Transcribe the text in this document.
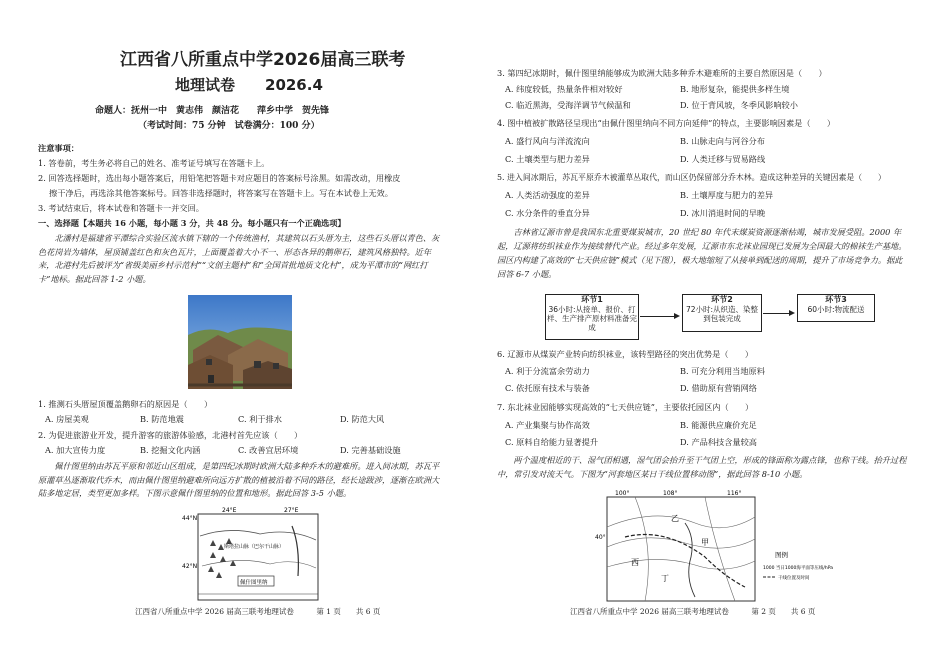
江西省八所重点中学2026届高三联考
地理试卷　　2026.4
命题人：抚州一中　黄志伟　颜洁花　　萍乡中学　贺先锋
（考试时间：75 分钟　试卷满分：100 分）
注意事项：
1. 答卷前，考生务必将自己的姓名、准考证号填写在答题卡上。
2. 回答选择题时，选出每小题答案后，用铅笔把答题卡对应题目的答案标号涂黑。如需改动，用橡皮
擦干净后，再选涂其他答案标号。回答非选择题时，将答案写在答题卡上。写在本试卷上无效。
3. 考试结束后，将本试卷和答题卡一并交回。
一、选择题【本题共 16 小题，每小题 3 分，共 48 分。每小题只有一个正确选项】
北潘村是福建省平潭综合实验区流水镇下辖的一个传统渔村，其建筑以石头厝为主，这些石头厝以青色、灰色花岗岩为墙体，屋顶铺盖红色和灰色瓦片，上面覆盖着大小不一、形态各异的鹅卵石，建筑风格独特。近年来，北港村先后被评为“省级美丽乡村示范村”“文创主题村”和“全国首批地质文化村”，成为平潭市的“网红打卡”地标。据此回答 1-2 小题。
1. 推测石头厝屋顶覆盖鹅卵石的原因是（　　）
A. 房屋美观	B. 防范地震	C. 利于排水	D. 防范大风
2. 为促进旅游业开发，提升游客的旅游体验感，北港村首先应该（　　）
A. 加大宣传力度	B. 挖掘文化内涵	C. 改善宜居环境	D. 完善基础设施
佩什图里纳由苏瓦平原和邻近山区组成，是第四纪冰期时欧洲大陆多种乔木的避难所。进入间冰期，苏瓦平原灌草丛逐渐取代乔木，而由佩什图里纳避难所向远方扩散的植被沿着不同的路径，经长途跋涉，逐渐在欧洲大陆多地定居，类型更加多样。下图示意佩什图里纳的位置和地形。据此回答 3-5 小题。
44°N
42°N
24°E	27°E
斯塔拉山脉（巴尔干山脉）
佩什图里纳
江西省八所重点中学 2026 届高三联考地理试卷　　　第 1 页　　共 6 页
3. 第四纪冰期时，佩什图里纳能够成为欧洲大陆多种乔木避难所的主要自然原因是（　　）
A. 纬度较低，热量条件相对较好	B. 地形复杂，能提供多样生境
C. 临近黑海，受海洋调节气候温和	D. 位于背风坡，冬季风影响较小
4. 图中植被扩散路径呈现出“由佩什图里纳向不同方向延伸”的特点，主要影响因素是（　　）
A. 盛行风向与洋流流向	B. 山脉走向与河谷分布
C. 土壤类型与肥力差异	D. 人类迁移与贸易路线
5. 进入间冰期后，苏瓦平原乔木被灌草丛取代，而山区仍保留部分乔木林。造成这种差异的关键因素是（　　）
A. 人类活动强度的差异	B. 土壤厚度与肥力的差异
C. 水分条件的垂直分异	D. 冰川消退时间的早晚
吉林省辽源市曾是我国东北重要煤炭城市，20 世纪 80 年代末煤炭资源逐渐枯竭，城市发展受阻。2000 年起，辽源将纺织袜业作为接续替代产业。经过多年发展，辽源市东北袜业园现已发展为全国最大的棉袜生产基地。园区内构建了高效的“七天供应链”模式（见下图），极大地缩短了从接单到配送的周期，提升了市场竞争力。据此回答 6-7 小题。
环节1
36小时:从接单、报价、打样、生产排产原材料准备完成
环节2
72小时:从织造、染整到包装完成
环节3
60小时:物流配送
6. 辽源市从煤炭产业转向纺织袜业，该转型路径的突出优势是（　　）
A. 利于分流富余劳动力	B. 可充分利用当地原料
C. 依托原有技术与装备	D. 借助原有营销网络
7. 东北袜业园能够实现高效的“七天供应链”，主要依托园区内（　　）
A. 产业集聚与协作高效	B. 能源供应廉价充足
C. 原料自给能力显著提升	D. 产品科技含量较高
两个温度相近的干、湿气团相遇，湿气团会抬升至干气团上空，形成的锋面称为露点锋，也称干线。抬升过程中，常引发对流天气。下图为“河套地区某日干线位置移动图”，据此回答 8-10 小题。
100°	108°	116°
40°
乙
甲
西
丁
图例
1000 当日1000海平面等压线/hPa
干线位置及时间
江西省八所重点中学 2026 届高三联考地理试卷　　　第 2 页　　共 6 页
